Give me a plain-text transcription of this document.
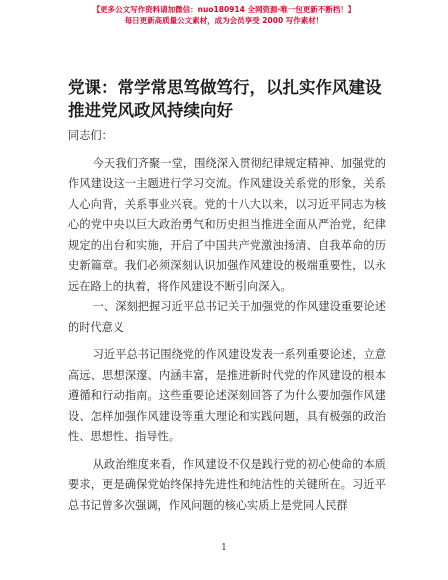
【更多公文写作资料请加微信：nuo180914 全网资源·唯一包更新不断档！】
每日更新高质量公文素材，成为会员享受 2000 写作素材！
党课：常学常思笃做笃行，以扎实作风建设推进党风政风持续向好

同志们：

今天我们齐聚一堂，围绕深入贯彻纪律规定精神、加强党的作风建设这一主题进行学习交流。作风建设关系党的形象，关系人心向背，关系事业兴衰。党的十八大以来，以习近平同志为核心的党中央以巨大政治勇气和历史担当推进全面从严治党，纪律规定的出台和实施，开启了中国共产党激浊扬清、自我革命的历史新篇章。我们必须深刻认识加强作风建设的极端重要性，以永远在路上的执着，将作风建设不断引向深入。

一、深刻把握习近平总书记关于加强党的作风建设重要论述的时代意义

习近平总书记围绕党的作风建设发表一系列重要论述，立意高远、思想深邃、内涵丰富，是推进新时代党的作风建设的根本遵循和行动指南。这些重要论述深刻回答了为什么要加强作风建设、怎样加强作风建设等重大理论和实践问题，具有极强的政治性、思想性、指导性。

从政治维度来看，作风建设不仅是践行党的初心使命的本质要求，更是确保党始终保持先进性和纯洁性的关键所在。习近平总书记曾多次强调，作风问题的核心实质上是党同人民群

1
